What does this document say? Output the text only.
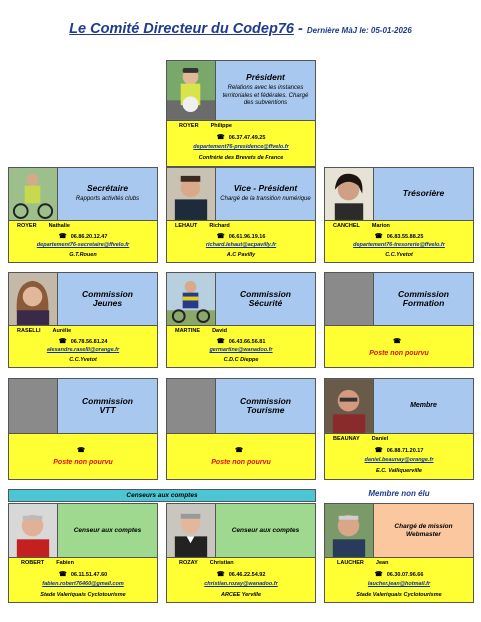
Le Comité Directeur du Codep76 - Dernière MàJ le: 05-01-2026
Président
Relations avec les instances territoriales et fédérales. Chargé des subventions
ROYER Philippe
☎ 06.37.47.49.25
departement76-presidence@ffvelo.fr
Confrérie des Brevets de France
Secrétaire
Rapports activités clubs
ROYER Nathalie
☎ 06.86.20.12.47
departement76-secretaire@ffvelo.fr
G.T.Rouen
Vice - Président
Chargé de la transition numérique
LEHAUT Richard
☎ 06.61.96.19.16
richard.lehaut@acpavilly.fr
A.C Pavilly
Trésorière
CANCHEL Marion
☎ 06.83.55.88.25
departement76-tresorerie@ffvelo.fr
C.C.Yvetot
Commission
Jeunes
RASELLI Aurélie
☎ 06.78.56.81.24
alexandre.raselli@orange.fr
C.C.Yvetot
Commission
Sécurité
MARTINE David
☎ 06.43.66.56.81
germartine@wanadoo.fr
C.D.C Dieppe
Commission
Formation
☎
Poste non pourvu
Commission
VTT
☎
Poste non pourvu
Commission
Tourisme
☎
Poste non pourvu
Membre
BEAUNAY Daniel
☎ 06.88.71.20.17
daniel.beaunay@orange.fr
E.C. Valliquerville
Censeurs aux comptes	Membre non élu
Censeur aux comptes
ROBERT Fabien
☎ 06.11.51.47.60
fabien.robert76460@gmail.com
Stade Valeriquais Cyclotourisme
Censeur aux comptes
ROZAY Christian
☎ 06.46.22.54.92
christian.rozay@wanadoo.fr
ARCEE Yerville
Chargé de mission Webmaster
LAUCHER Jean
☎ 06.30.07.96.66
laucher.jean@hotmail.fr
Stade Valeriquais Cyclotourisme
